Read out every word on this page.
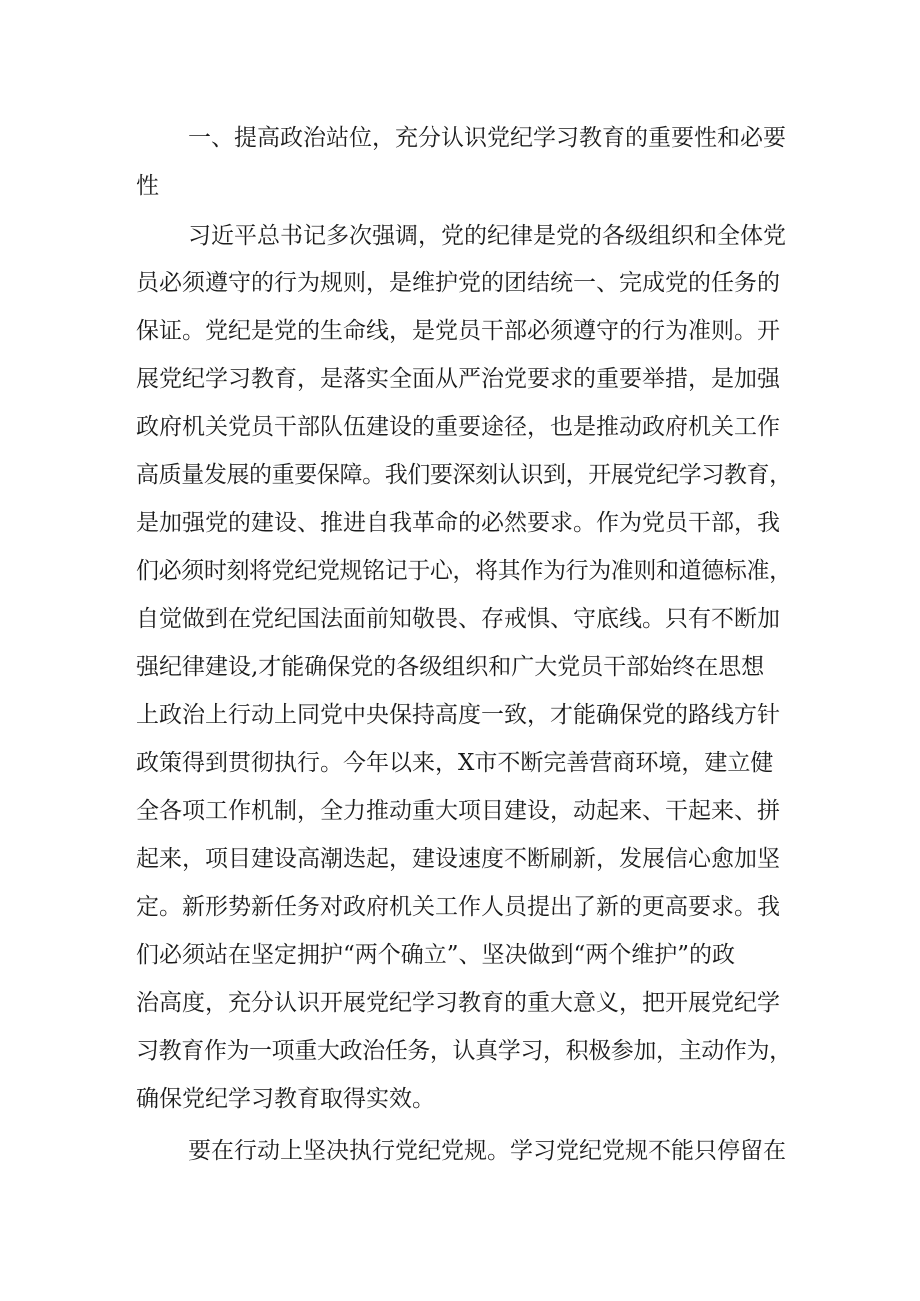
一、提高政治站位，充分认识党纪学习教育的重要性和必要
性
习近平总书记多次强调，党的纪律是党的各级组织和全体党
员必须遵守的行为规则，是维护党的团结统一、完成党的任务的
保证。党纪是党的生命线，是党员干部必须遵守的行为准则。开
展党纪学习教育，是落实全面从严治党要求的重要举措，是加强
政府机关党员干部队伍建设的重要途径，也是推动政府机关工作
高质量发展的重要保障。我们要深刻认识到，开展党纪学习教育，
是加强党的建设、推进自我革命的必然要求。作为党员干部，我
们必须时刻将党纪党规铭记于心，将其作为行为准则和道德标准，
自觉做到在党纪国法面前知敬畏、存戒惧、守底线。只有不断加
强纪律建设,才能确保党的各级组织和广大党员干部始终在思想
上政治上行动上同党中央保持高度一致，才能确保党的路线方针
政策得到贯彻执行。今年以来，X市不断完善营商环境，建立健
全各项工作机制，全力推动重大项目建设，动起来、干起来、拼
起来，项目建设高潮迭起，建设速度不断刷新，发展信心愈加坚
定。新形势新任务对政府机关工作人员提出了新的更高要求。我
们必须站在坚定拥护“两个确立”、坚决做到“两个维护”的政
治高度，充分认识开展党纪学习教育的重大意义，把开展党纪学
习教育作为一项重大政治任务，认真学习，积极参加，主动作为，
确保党纪学习教育取得实效。
要在行动上坚决执行党纪党规。学习党纪党规不能只停留在
